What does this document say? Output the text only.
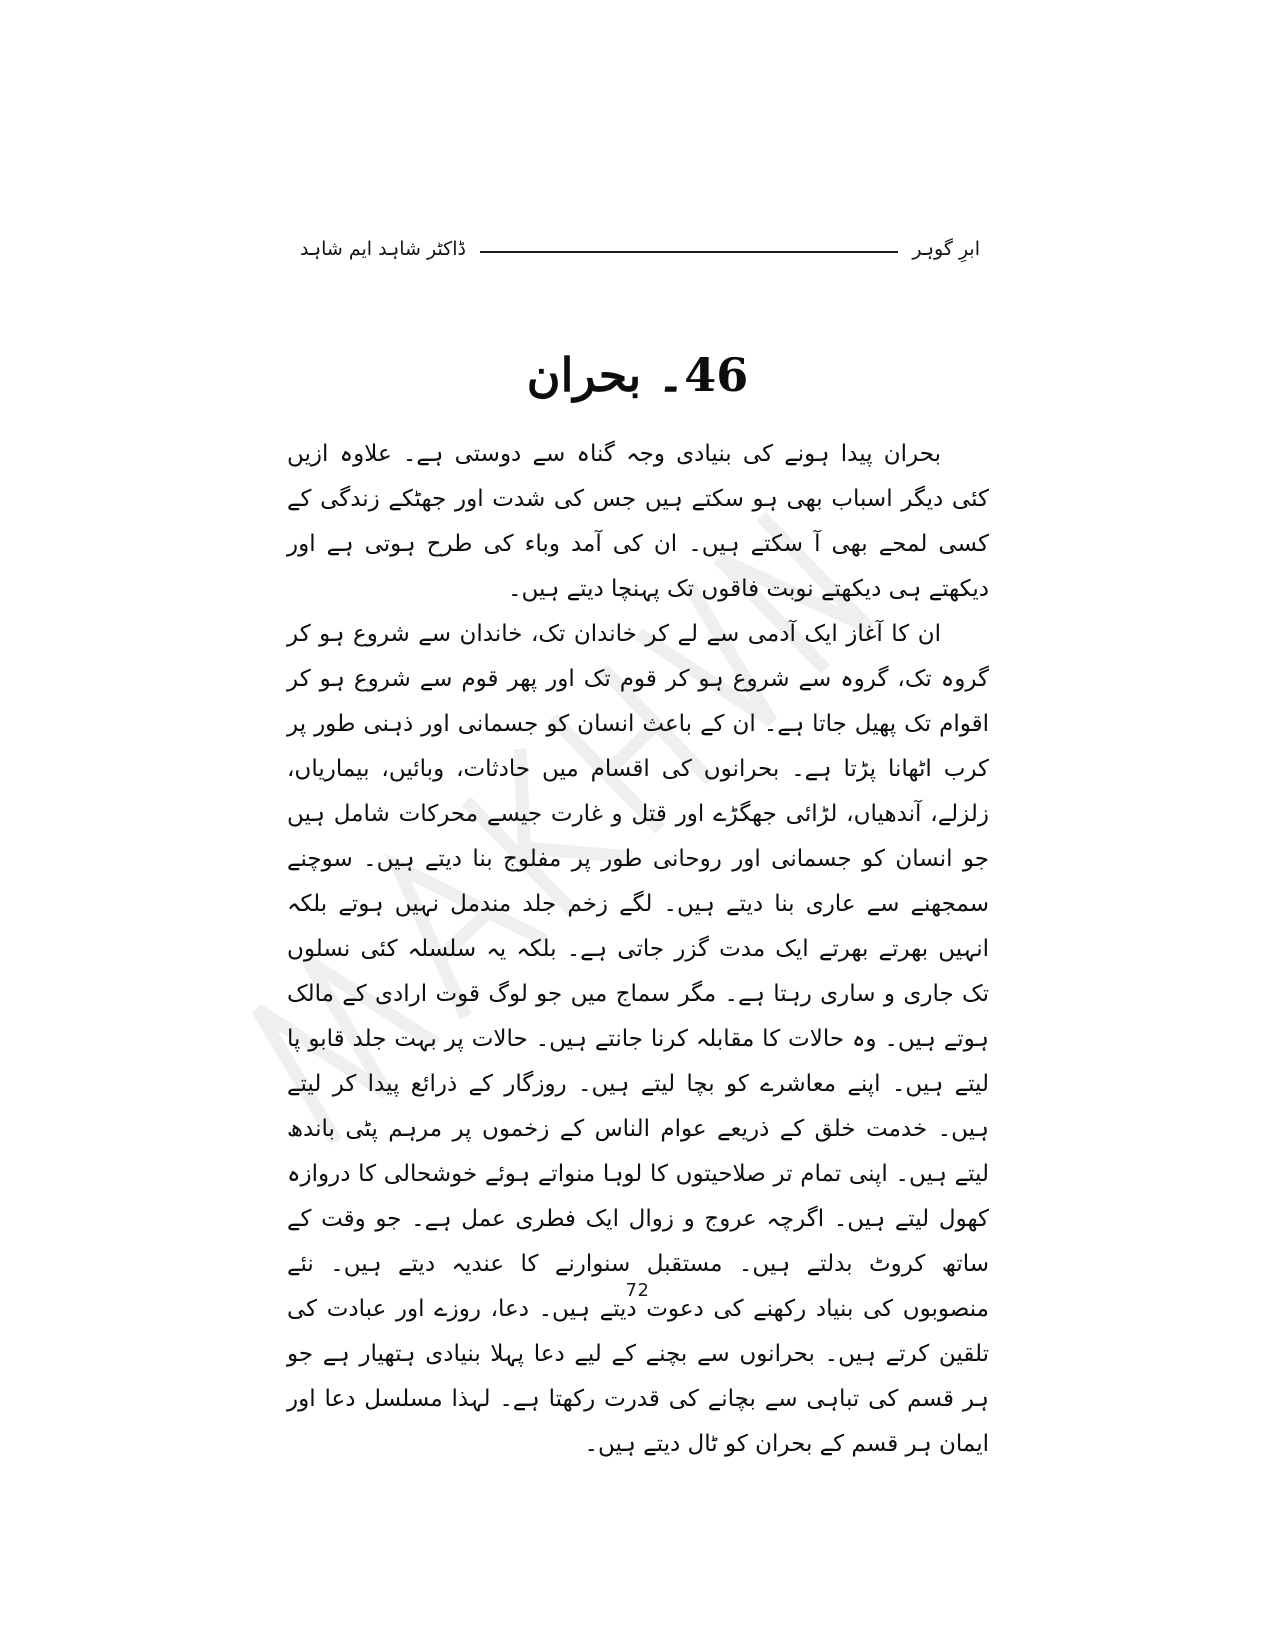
ابرِ گوہر
ڈاکٹر شاہد ایم شاہد
46۔ بحران

بحران پیدا ہونے کی بنیادی وجہ گناہ سے دوستی ہے۔ علاوہ ازیں کئی دیگر اسباب بھی ہو سکتے ہیں جس کی شدت اور جھٹکے زندگی کے کسی لمحے بھی آ سکتے ہیں۔ ان کی آمد وباء کی طرح ہوتی ہے اور دیکھتے ہی دیکھتے نوبت فاقوں تک پہنچا دیتے ہیں۔

ان کا آغاز ایک آدمی سے لے کر خاندان تک، خاندان سے شروع ہو کر گروہ تک، گروہ سے شروع ہو کر قوم تک اور پھر قوم سے شروع ہو کر اقوام تک پھیل جاتا ہے۔ ان کے باعث انسان کو جسمانی اور ذہنی طور پر کرب اٹھانا پڑتا ہے۔ بحرانوں کی اقسام میں حادثات، وبائیں، بیماریاں، زلزلے، آندھیاں، لڑائی جھگڑے اور قتل و غارت جیسے محرکات شامل ہیں جو انسان کو جسمانی اور روحانی طور پر مفلوج بنا دیتے ہیں۔ سوچنے سمجھنے سے عاری بنا دیتے ہیں۔ لگے زخم جلد مندمل نہیں ہوتے بلکہ انہیں بھرتے بھرتے ایک مدت گزر جاتی ہے۔ بلکہ یہ سلسلہ کئی نسلوں تک جاری و ساری رہتا ہے۔ مگر سماج میں جو لوگ قوت ارادی کے مالک ہوتے ہیں۔ وہ حالات کا مقابلہ کرنا جانتے ہیں۔ حالات پر بہت جلد قابو پا لیتے ہیں۔ اپنے معاشرے کو بچا لیتے ہیں۔ روزگار کے ذرائع پیدا کر لیتے ہیں۔ خدمت خلق کے ذریعے عوام الناس کے زخموں پر مرہم پٹی باندھ لیتے ہیں۔ اپنی تمام تر صلاحیتوں کا لوہا منواتے ہوئے خوشحالی کا دروازہ کھول لیتے ہیں۔ اگرچہ عروج و زوال ایک فطری عمل ہے۔ جو وقت کے ساتھ کروٹ بدلتے ہیں۔ مستقبل سنوارنے کا عندیہ دیتے ہیں۔ نئے منصوبوں کی بنیاد رکھنے کی دعوت دیتے ہیں۔ دعا، روزے اور عبادت کی تلقین کرتے ہیں۔ بحرانوں سے بچنے کے لیے دعا پہلا بنیادی ہتھیار ہے جو ہر قسم کی تباہی سے بچانے کی قدرت رکھتا ہے۔ لہذا مسلسل دعا اور ایمان ہر قسم کے بحران کو ٹال دیتے ہیں۔

72
